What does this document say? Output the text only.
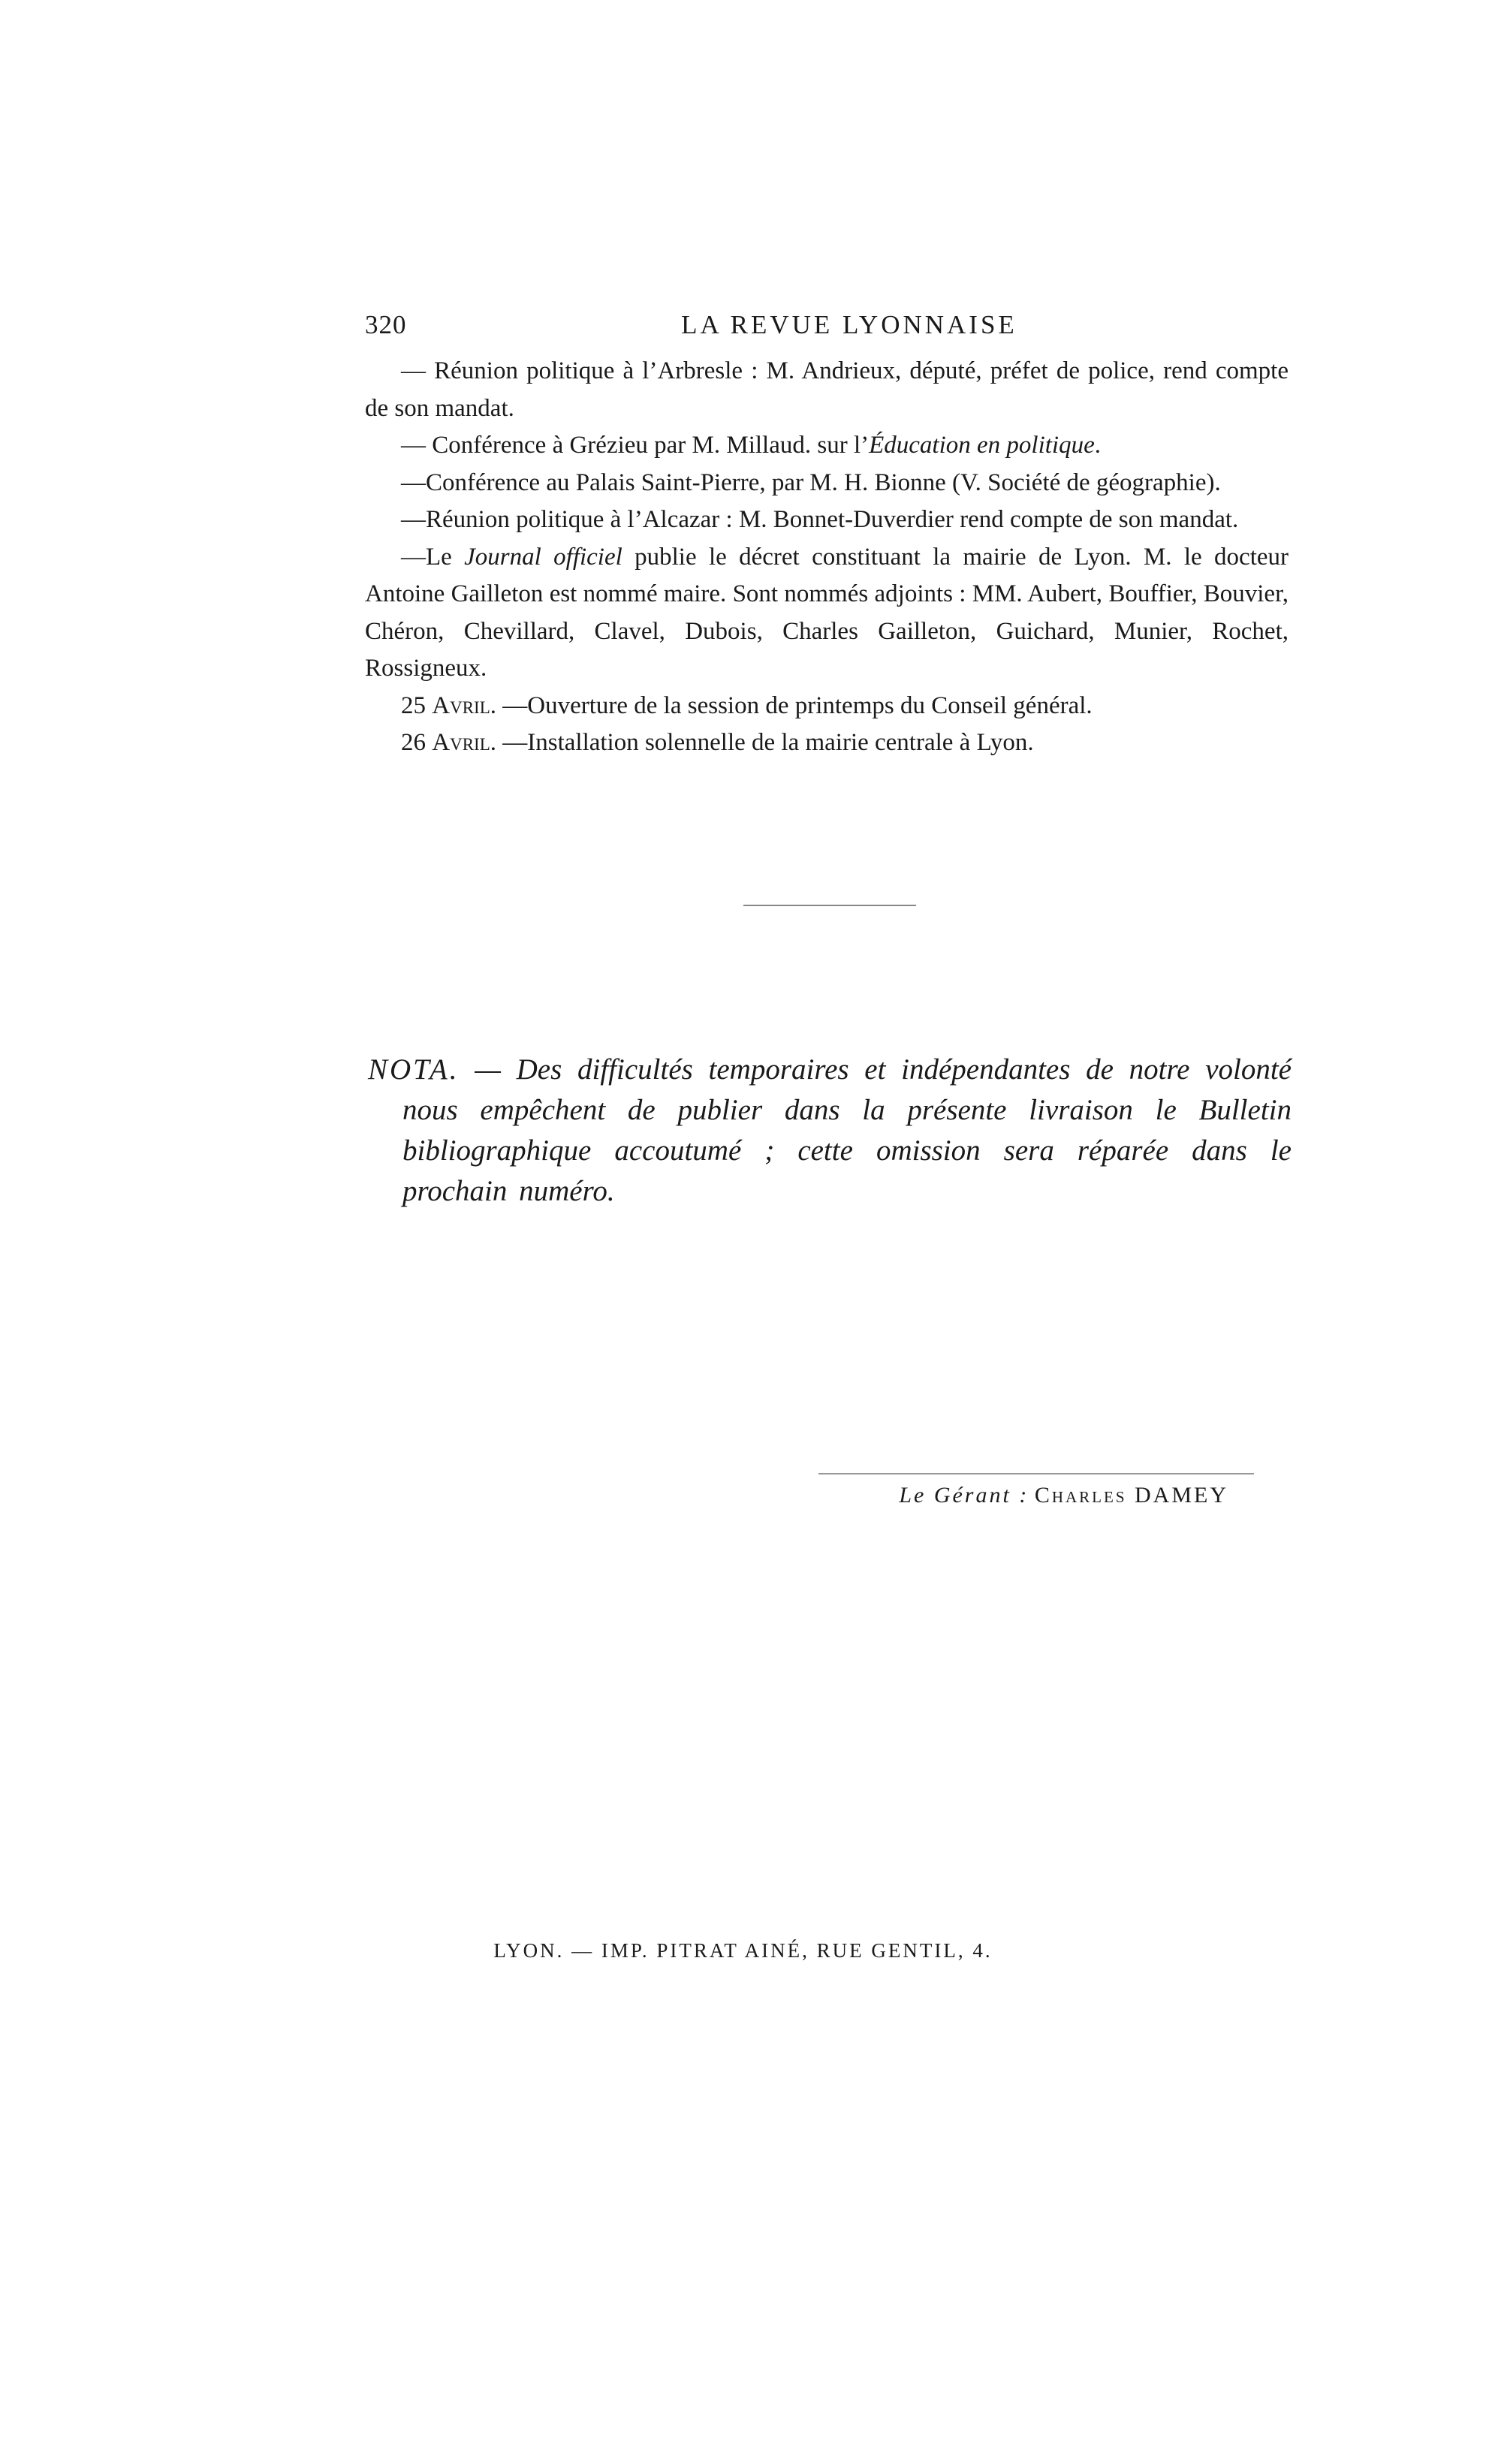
320	LA REVUE LYONNAISE

— Réunion politique à l’Arbresle : M. Andrieux, député, préfet de police, rend compte de son mandat.

— Conférence à Grézieu par M. Millaud. sur l’Éducation en politique.

—Conférence au Palais Saint-Pierre, par M. H. Bionne (V. Société de géographie).

—Réunion politique à l’Alcazar : M. Bonnet-Duverdier rend compte de son mandat.

—Le Journal officiel publie le décret constituant la mairie de Lyon. M. le docteur Antoine Gailleton est nommé maire. Sont nommés adjoints : MM. Aubert, Bouffier, Bouvier, Chéron, Chevillard, Clavel, Dubois, Charles Gailleton, Guichard, Munier, Rochet, Rossigneux.

25 Avril. —Ouverture de la session de printemps du Conseil général.

26 Avril. —Installation solennelle de la mairie centrale à Lyon.

NOTA. — Des difficultés temporaires et indépendantes de notre volonté nous empêchent de publier dans la présente livraison le Bulletin bibliographique accoutumé ; cette omission sera réparée dans le prochain numéro.

Le Gérant : Charles DAMEY
LYON. — IMP. PITRAT AINÉ, RUE GENTIL, 4.
